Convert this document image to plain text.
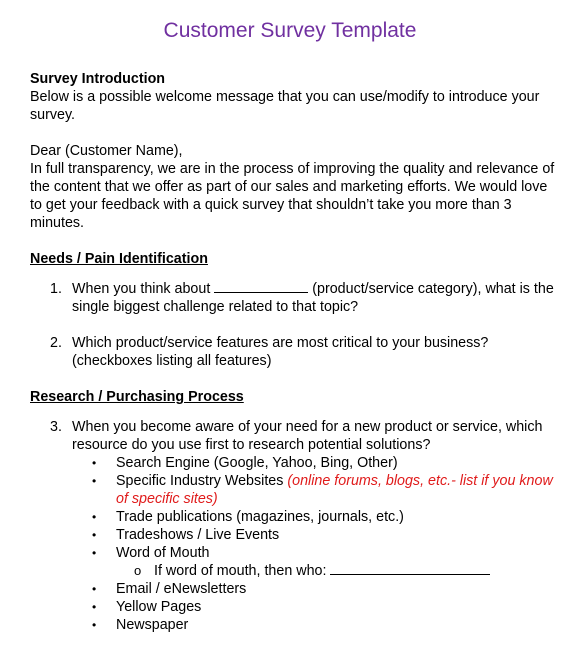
Customer Survey Template

Survey Introduction

Below is a possible welcome message that you can use/modify to introduce your survey.

Dear (Customer Name),

In full transparency, we are in the process of improving the quality and relevance of the content that we offer as part of our sales and marketing efforts. We would love to get your feedback with a quick survey that shouldn’t take you more than 3 minutes.

Needs / Pain Identification

1. When you think about	(product/service category), what is the single biggest challenge related to that topic?
2. Which product/service features are most critical to your business? (checkboxes listing all features)

Research / Purchasing Process

3. When you become aware of your need for a new product or service, which resource do you use first to research potential solutions?
•	Search Engine (Google, Yahoo, Bing, Other)
•	Specific Industry Websites (online forums, blogs, etc.- list if you know of specific sites)
•	Trade publications (magazines, journals, etc.)
•	Tradeshows / Live Events
•	Word of Mouth
o If word of mouth, then who:
•	Email / eNewsletters
•	Yellow Pages
•	Newspaper
